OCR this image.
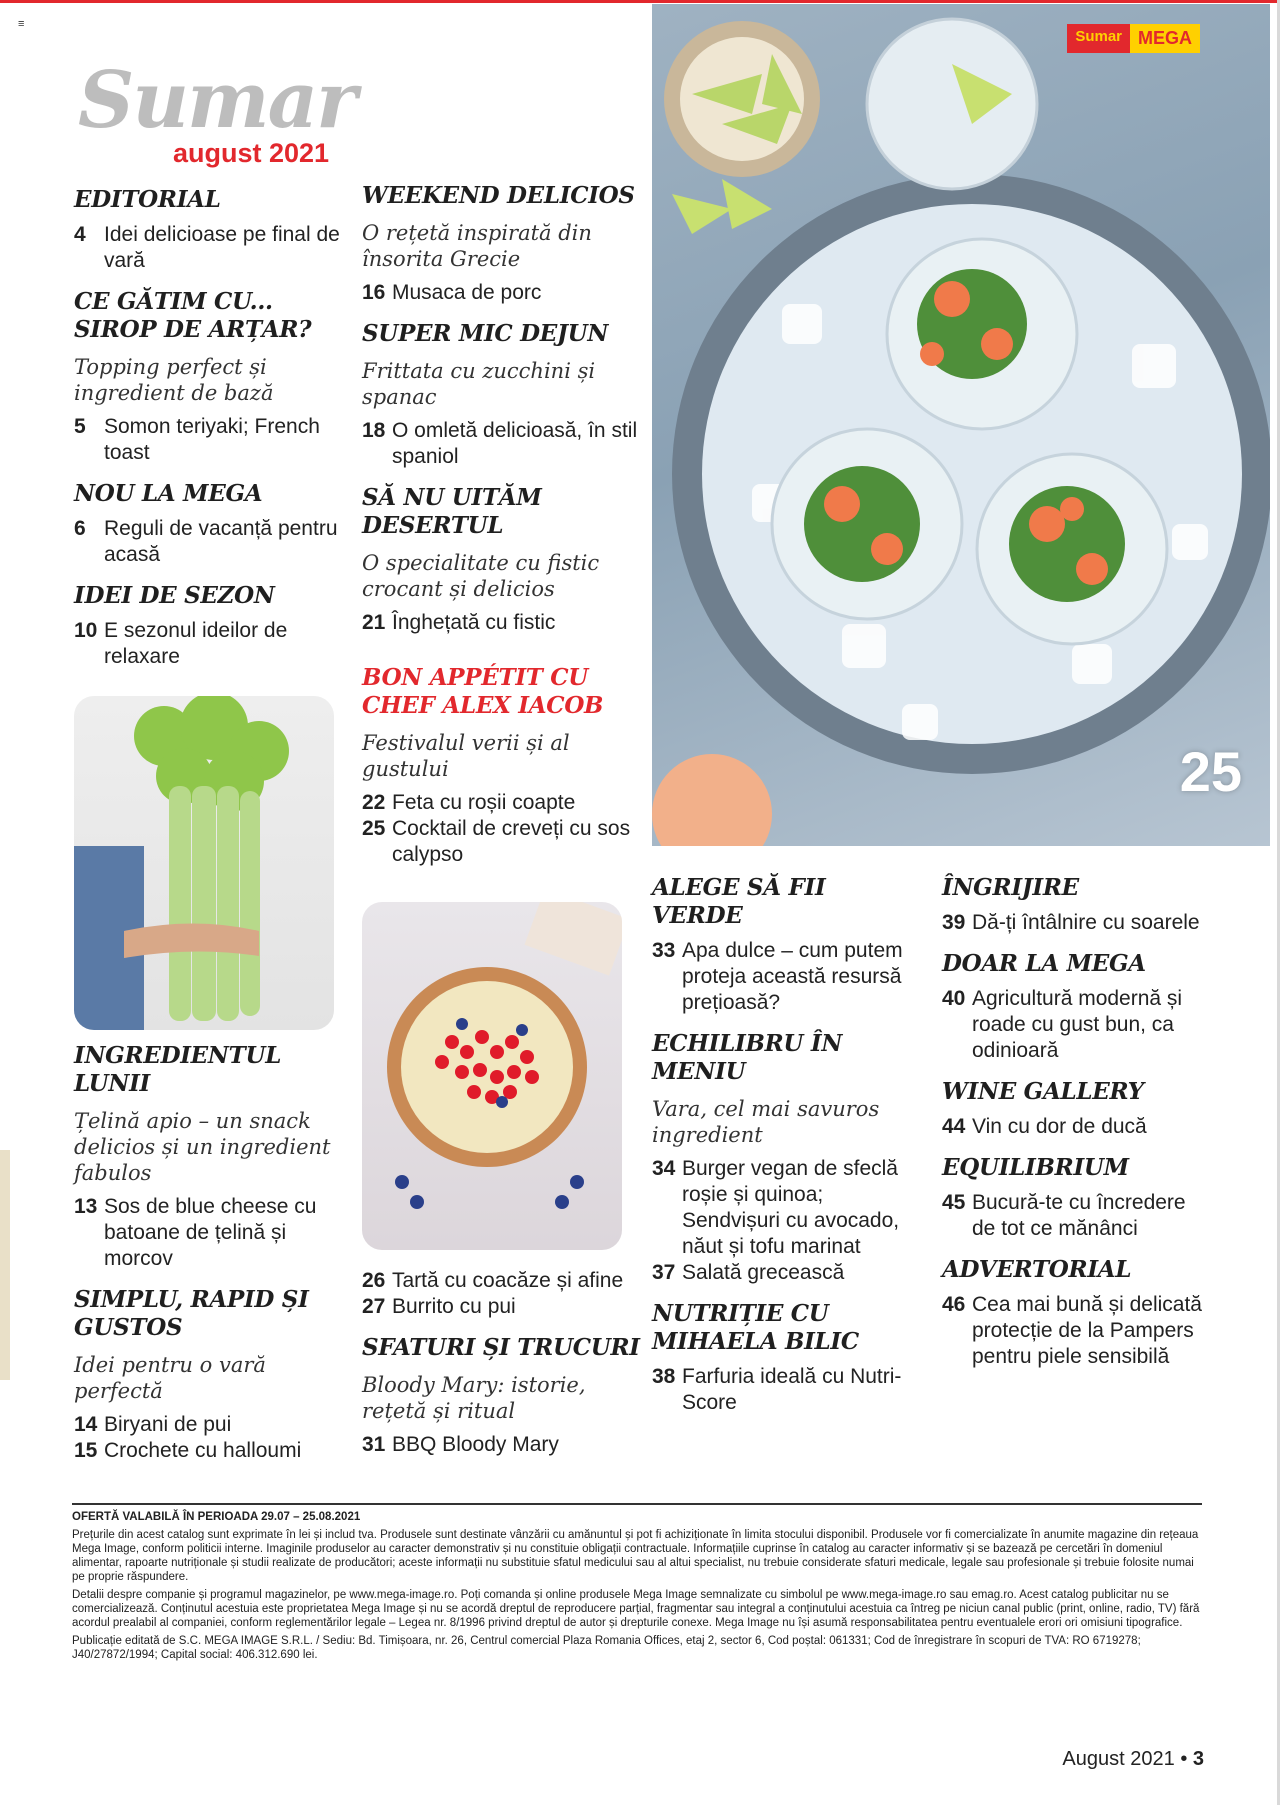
≡
Sumar
august 2021
Sumar MEGA
25
EDITORIAL
4 Idei delicioase pe final de vară
CE GĂTIM CU... SIROP DE ARȚAR?
Topping perfect și ingredient de bază
5 Somon teriyaki; French toast
NOU LA MEGA
6 Reguli de vacanță pentru acasă
IDEI DE SEZON
10 E sezonul ideilor de relaxare
INGREDIENTUL LUNII
Țelină apio – un snack delicios și un ingredient fabulos
13 Sos de blue cheese cu batoane de țelină și morcov
SIMPLU, RAPID ȘI GUSTOS
Idei pentru o vară perfectă
14 Biryani de pui
15 Crochete cu halloumi
WEEKEND DELICIOS
O rețetă inspirată din însorita Grecie
16 Musaca de porc
SUPER MIC DEJUN
Frittata cu zucchini și spanac
18 O omletă delicioasă, în stil spaniol
SĂ NU UITĂM DESERTUL
O specialitate cu fistic crocant și delicios
21 Înghețată cu fistic
BON APPÉTIT CU CHEF ALEX IACOB
Festivalul verii și al gustului
22 Feta cu roșii coapte
25 Cocktail de creveți cu sos calypso
26 Tartă cu coacăze și afine
27 Burrito cu pui
SFATURI ȘI TRUCURI
Bloody Mary: istorie, rețetă și ritual
31 BBQ Bloody Mary
ALEGE SĂ FII VERDE
33 Apa dulce – cum putem proteja această resursă prețioasă?
ECHILIBRU ÎN MENIU
Vara, cel mai savuros ingredient
34 Burger vegan de sfeclă roșie și quinoa; Sendvișuri cu avocado, năut și tofu marinat
37 Salată grecească
NUTRIȚIE CU MIHAELA BILIC
38 Farfuria ideală cu Nutri-Score
ÎNGRIJIRE
39 Dă-ți întâlnire cu soarele
DOAR LA MEGA
40 Agricultură modernă și roade cu gust bun, ca odinioară
WINE GALLERY
44 Vin cu dor de ducă
EQUILIBRIUM
45 Bucură-te cu încredere de tot ce mănânci
ADVERTORIAL
46 Cea mai bună și delicată protecție de la Pampers pentru piele sensibilă
OFERTĂ VALABILĂ ÎN PERIOADA 29.07 – 25.08.2021
Prețurile din acest catalog sunt exprimate în lei și includ tva. Produsele sunt destinate vânzării cu amănuntul și pot fi achiziționate în limita stocului disponibil. Produsele vor fi comercializate în anumite magazine din rețeaua Mega Image, conform politicii interne. Imaginile produselor au caracter demonstrativ și nu constituie obligații contractuale. Informațiile cuprinse în catalog au caracter informativ și se bazează pe cercetări în domeniul alimentar, rapoarte nutriționale și studii realizate de producători; aceste informații nu substituie sfatul medicului sau al altui specialist, nu trebuie considerate sfaturi medicale, legale sau profesionale și trebuie folosite numai pe proprie răspundere.
Detalii despre companie și programul magazinelor, pe www.mega-image.ro. Poți comanda și online produsele Mega Image semnalizate cu simbolul pe www.mega-image.ro sau emag.ro. Acest catalog publicitar nu se comercializează. Conținutul acestuia este proprietatea Mega Image și nu se acordă dreptul de reproducere parțial, fragmentar sau integral a conținutului acestuia ca întreg pe niciun canal public (print, online, radio, TV) fără acordul prealabil al companiei, conform reglementărilor legale – Legea nr. 8/1996 privind dreptul de autor și drepturile conexe. Mega Image nu își asumă responsabilitatea pentru eventualele erori ori omisiuni tipografice.
Publicație editată de S.C. MEGA IMAGE S.R.L. / Sediu: Bd. Timișoara, nr. 26, Centrul comercial Plaza Romania Offices, etaj 2, sector 6, Cod poștal: 061331; Cod de înregistrare în scopuri de TVA: RO 6719278; J40/27872/1994; Capital social: 406.312.690 lei.
August 2021 • 3
